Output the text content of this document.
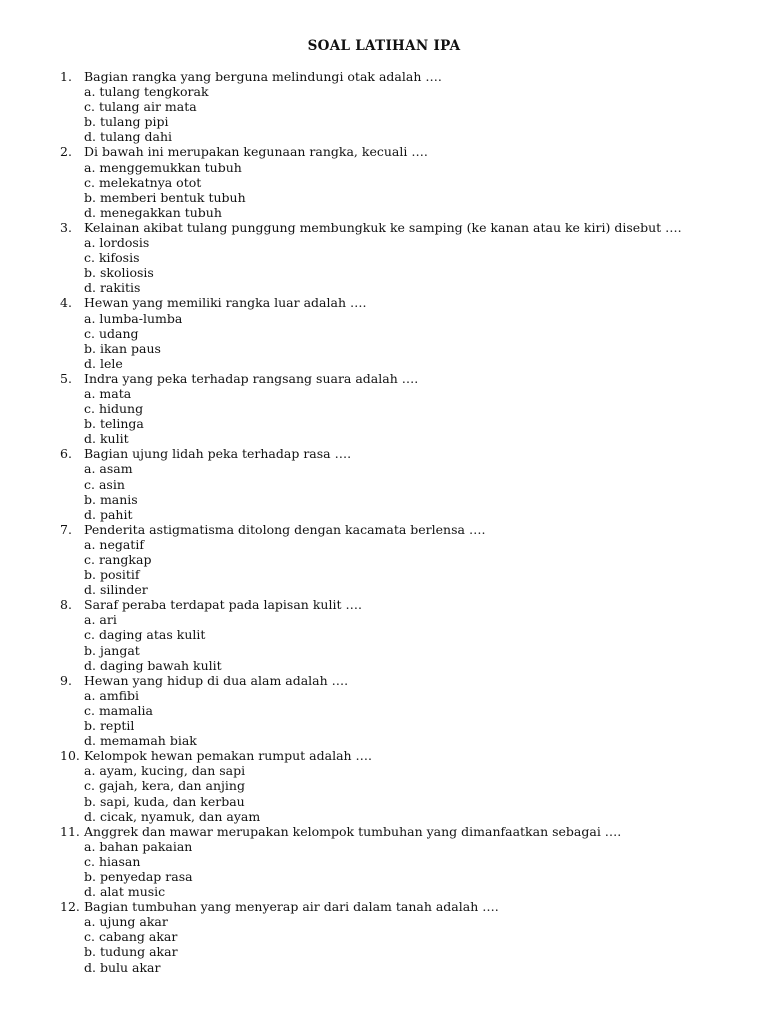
SOAL LATIHAN IPA
1. Bagian rangka yang berguna melindungi otak adalah ….
a. tulang tengkorak
c. tulang air mata
b. tulang pipi
d. tulang dahi
2. Di bawah ini merupakan kegunaan rangka, kecuali ….
a. menggemukkan tubuh
c. melekatnya otot
b. memberi bentuk tubuh
d. menegakkan tubuh
3. Kelainan akibat tulang punggung membungkuk ke samping (ke kanan atau ke kiri) disebut ….
a. lordosis
c. kifosis
b. skoliosis
d. rakitis
4. Hewan yang memiliki rangka luar adalah ….
a. lumba-lumba
c. udang
b. ikan paus
d. lele
5. Indra yang peka terhadap rangsang suara adalah ….
a. mata
c. hidung
b. telinga
d. kulit
6. Bagian ujung lidah peka terhadap rasa ….
a. asam
c. asin
b. manis
d. pahit
7. Penderita astigmatisma ditolong dengan kacamata berlensa ….
a. negatif
c. rangkap
b. positif
d. silinder
8. Saraf peraba terdapat pada lapisan kulit ….
a. ari
c. daging atas kulit
b. jangat
d. daging bawah kulit
9. Hewan yang hidup di dua alam adalah ….
a. amfibi
c. mamalia
b. reptil
d. memamah biak
10. Kelompok hewan pemakan rumput adalah ….
a. ayam, kucing, dan sapi
c. gajah, kera, dan anjing
b. sapi, kuda, dan kerbau
d. cicak, nyamuk, dan ayam
11. Anggrek dan mawar merupakan kelompok tumbuhan yang dimanfaatkan sebagai ….
a. bahan pakaian
c. hiasan
b. penyedap rasa
d. alat music
12. Bagian tumbuhan yang menyerap air dari dalam tanah adalah ….
a. ujung akar
c. cabang akar
b. tudung akar
d. bulu akar
